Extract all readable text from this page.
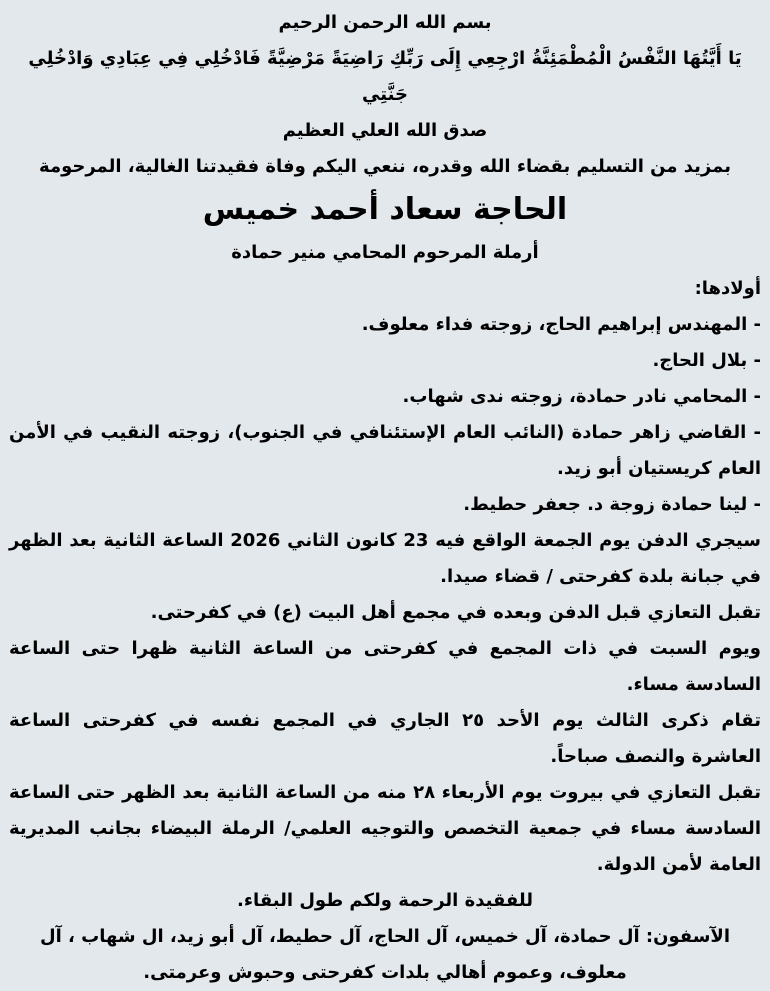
بسم الله الرحمن الرحيم

يَا أَيَّتُهَا النَّفْسُ الْمُطْمَئِنَّةُ ارْجِعِي إِلَى رَبِّكِ رَاضِيَةً مَرْضِيَّةً فَادْخُلِي فِي عِبَادِي وَادْخُلِي جَنَّتِي

صدق الله العلي العظيم

بمزيد من التسليم بقضاء الله وقدره، ننعي اليكم وفاة فقيدتنا الغالية، المرحومة

الحاجة سعاد أحمد خميس

أرملة المرحوم المحامي منير حمادة

أولادها:

- المهندس إبراهيم الحاج، زوجته فداء معلوف.

- بلال الحاج.

- المحامي نادر حمادة، زوجته ندى شهاب.

- القاضي زاهر حمادة (النائب العام الإستئنافي في الجنوب)، زوجته النقيب في الأمن العام كريستيان أبو زيد.

- لينا حمادة زوجة د. جعفر حطيط.

سيجري الدفن يوم الجمعة الواقع فيه 23 كانون الثاني 2026 الساعة الثانية بعد الظهر في جبانة بلدة كفرحتى / قضاء صيدا.

تقبل التعازي قبل الدفن وبعده في مجمع أهل البيت (ع) في كفرحتى.

ويوم السبت في ذات المجمع في كفرحتى من الساعة الثانية ظهرا حتى الساعة السادسة مساء.

تقام ذكرى الثالث يوم الأحد ٢٥ الجاري في المجمع نفسه في كفرحتى الساعة العاشرة والنصف صباحاً.

تقبل التعازي في بيروت يوم الأربعاء ٢٨ منه من الساعة الثانية بعد الظهر حتى الساعة السادسة مساء في جمعية التخصص والتوجيه العلمي/ الرملة البيضاء بجانب المديرية العامة لأمن الدولة.

للفقيدة الرحمة ولكم طول البقاء.

الآسفون: آل حمادة، آل خميس، آل الحاج، آل حطيط، آل أبو زيد، ال شهاب ، آل معلوف، وعموم أهالي بلدات كفرحتى وحبوش وعرمتى.
